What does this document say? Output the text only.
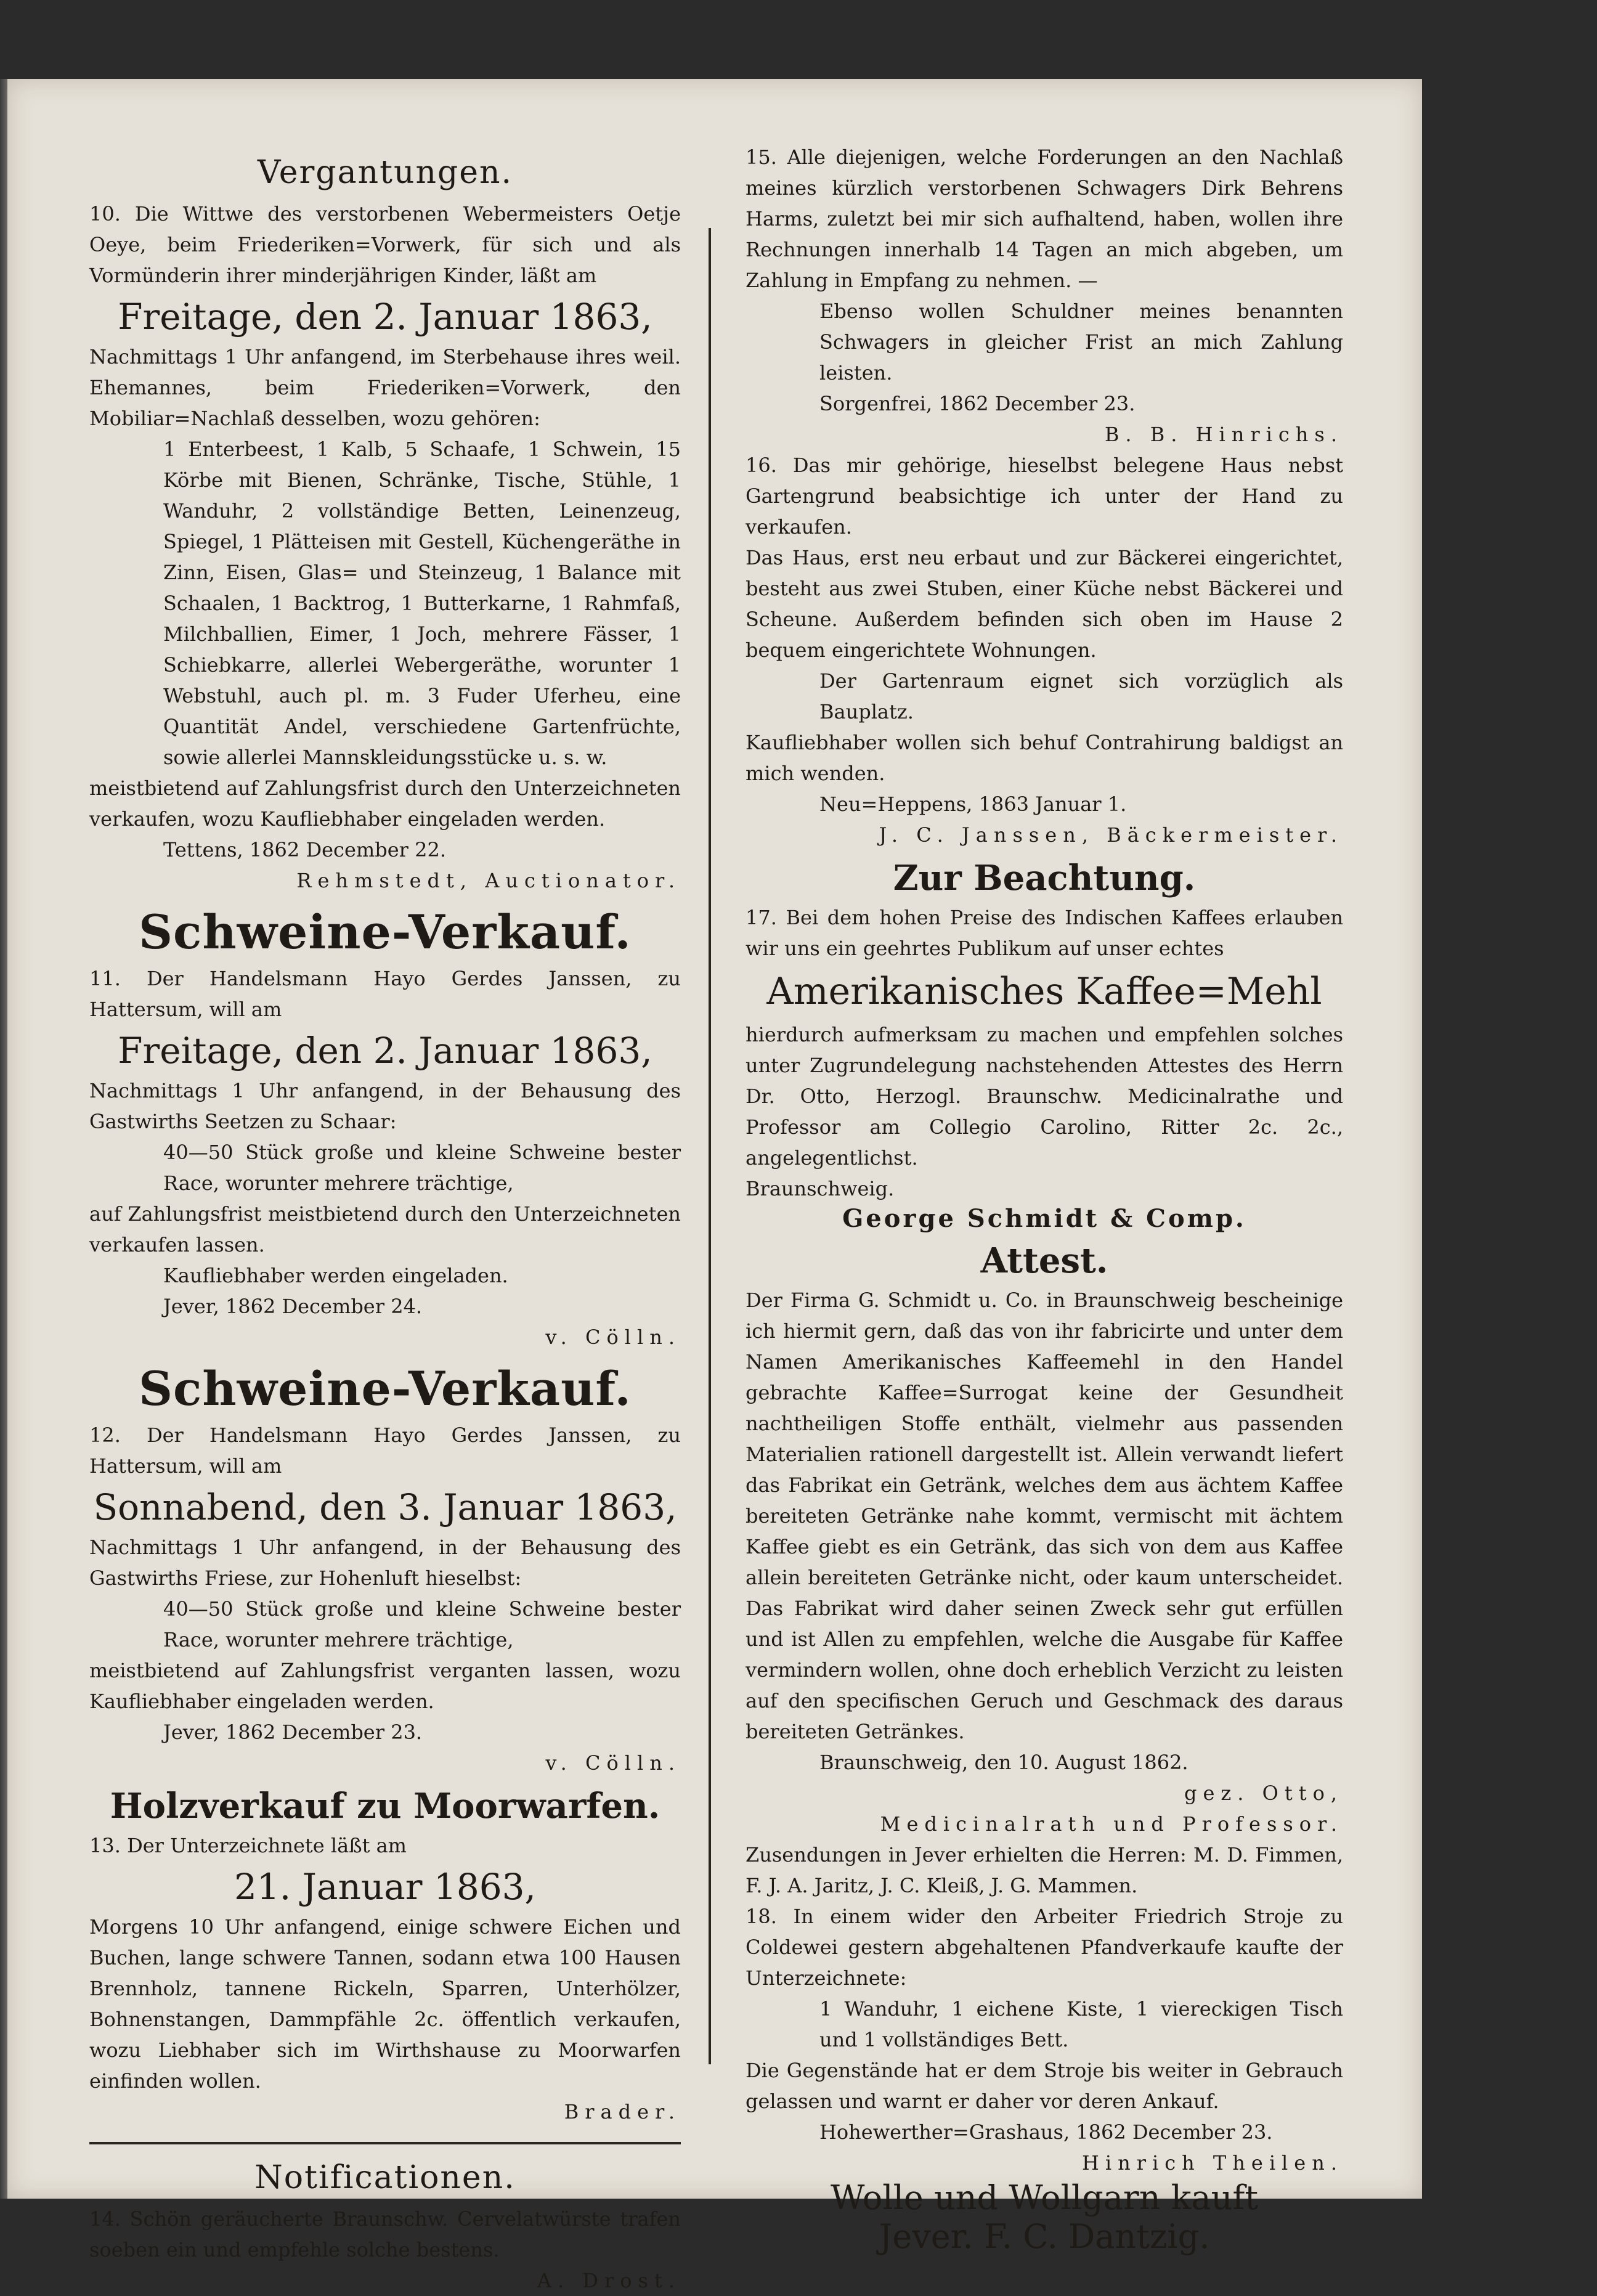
Vergantungen.
10. Die Wittwe des verstorbenen Webermeisters Oetje Oeye, beim Friederiken=Vorwerk, für sich und als Vormünderin ihrer minderjährigen Kinder, läßt am
Freitage, den 2. Januar 1863,
Nachmittags 1 Uhr anfangend, im Sterbehause ihres weil. Ehemannes, beim Friederiken=Vorwerk, den Mobiliar=Nachlaß desselben, wozu gehören:
1 Enterbeest, 1 Kalb, 5 Schaafe, 1 Schwein, 15 Körbe mit Bienen, Schränke, Tische, Stühle, 1 Wanduhr, 2 vollständige Betten, Leinenzeug, Spiegel, 1 Plätteisen mit Gestell, Küchengeräthe in Zinn, Eisen, Glas= und Steinzeug, 1 Balance mit Schaalen, 1 Backtrog, 1 Butterkarne, 1 Rahmfaß, Milchballien, Eimer, 1 Joch, mehrere Fässer, 1 Schiebkarre, allerlei Webergeräthe, worunter 1 Webstuhl, auch pl. m. 3 Fuder Uferheu, eine Quantität Andel, verschiedene Gartenfrüchte, sowie allerlei Mannskleidungsstücke u. s. w.
meistbietend auf Zahlungsfrist durch den Unterzeichneten verkaufen, wozu Kaufliebhaber eingeladen werden.
Tettens, 1862 December 22.
Rehmstedt, Auctionator.
Schweine-Verkauf.
11. Der Handelsmann Hayo Gerdes Janssen, zu Hattersum, will am
Freitage, den 2. Januar 1863,
Nachmittags 1 Uhr anfangend, in der Behausung des Gastwirths Seetzen zu Schaar:
40—50 Stück große und kleine Schweine bester Race, worunter mehrere trächtige,
auf Zahlungsfrist meistbietend durch den Unterzeichneten verkaufen lassen.
Kaufliebhaber werden eingeladen.
Jever, 1862 December 24.
v. Cölln.
Schweine-Verkauf.
12. Der Handelsmann Hayo Gerdes Janssen, zu Hattersum, will am
Sonnabend, den 3. Januar 1863,
Nachmittags 1 Uhr anfangend, in der Behausung des Gastwirths Friese, zur Hohenluft hieselbst:
40—50 Stück große und kleine Schweine bester Race, worunter mehrere trächtige,
meistbietend auf Zahlungsfrist verganten lassen, wozu Kaufliebhaber eingeladen werden.
Jever, 1862 December 23.
v. Cölln.
Holzverkauf zu Moorwarfen.
13. Der Unterzeichnete läßt am
21. Januar 1863,
Morgens 10 Uhr anfangend, einige schwere Eichen und Buchen, lange schwere Tannen, sodann etwa 100 Hausen Brennholz, tannene Rickeln, Sparren, Unterhölzer, Bohnenstangen, Dammpfähle 2c. öffentlich verkaufen, wozu Liebhaber sich im Wirthshause zu Moorwarfen einfinden wollen.
Brader.
Notificationen.
14. Schön geräucherte Braunschw. Cervelatwürste trafen soeben ein und empfehle solche bestens.
A. Drost.
15. Alle diejenigen, welche Forderungen an den Nachlaß meines kürzlich verstorbenen Schwagers Dirk Behrens Harms, zuletzt bei mir sich aufhaltend, haben, wollen ihre Rechnungen innerhalb 14 Tagen an mich abgeben, um Zahlung in Empfang zu nehmen. —
Ebenso wollen Schuldner meines benannten Schwagers in gleicher Frist an mich Zahlung leisten.
Sorgenfrei, 1862 December 23.
B. B. Hinrichs.
16. Das mir gehörige, hieselbst belegene Haus nebst Gartengrund beabsichtige ich unter der Hand zu verkaufen.
Das Haus, erst neu erbaut und zur Bäckerei eingerichtet, besteht aus zwei Stuben, einer Küche nebst Bäckerei und Scheune. Außerdem befinden sich oben im Hause 2 bequem eingerichtete Wohnungen.
Der Gartenraum eignet sich vorzüglich als Bauplatz.
Kaufliebhaber wollen sich behuf Contrahirung baldigst an mich wenden.
Neu=Heppens, 1863 Januar 1.
J. C. Janssen, Bäckermeister.
Zur Beachtung.
17. Bei dem hohen Preise des Indischen Kaffees erlauben wir uns ein geehrtes Publikum auf unser echtes
Amerikanisches Kaffee=Mehl
hierdurch aufmerksam zu machen und empfehlen solches unter Zugrundelegung nachstehenden Attestes des Herrn Dr. Otto, Herzogl. Braunschw. Medicinalrathe und Professor am Collegio Carolino, Ritter 2c. 2c., angelegentlichst.
Braunschweig.
George Schmidt & Comp.
Attest.
Der Firma G. Schmidt u. Co. in Braunschweig bescheinige ich hiermit gern, daß das von ihr fabricirte und unter dem Namen Amerikanisches Kaffeemehl in den Handel gebrachte Kaffee=Surrogat keine der Gesundheit nachtheiligen Stoffe enthält, vielmehr aus passenden Materialien rationell dargestellt ist. Allein verwandt liefert das Fabrikat ein Getränk, welches dem aus ächtem Kaffee bereiteten Getränke nahe kommt, vermischt mit ächtem Kaffee giebt es ein Getränk, das sich von dem aus Kaffee allein bereiteten Getränke nicht, oder kaum unterscheidet. Das Fabrikat wird daher seinen Zweck sehr gut erfüllen und ist Allen zu empfehlen, welche die Ausgabe für Kaffee vermindern wollen, ohne doch erheblich Verzicht zu leisten auf den specifischen Geruch und Geschmack des daraus bereiteten Getränkes.
Braunschweig, den 10. August 1862.
gez. Otto,
Medicinalrath und Professor.
Zusendungen in Jever erhielten die Herren: M. D. Fimmen, F. J. A. Jaritz, J. C. Kleiß, J. G. Mammen.
18. In einem wider den Arbeiter Friedrich Stroje zu Coldewei gestern abgehaltenen Pfandverkaufe kaufte der Unterzeichnete:
1 Wanduhr, 1 eichene Kiste, 1 viereckigen Tisch und 1 vollständiges Bett.
Die Gegenstände hat er dem Stroje bis weiter in Gebrauch gelassen und warnt er daher vor deren Ankauf.
Hohewerther=Grashaus, 1862 December 23.
Hinrich Theilen.
Wolle und Wollgarn kauft
Jever. F. C. Dantzig.
